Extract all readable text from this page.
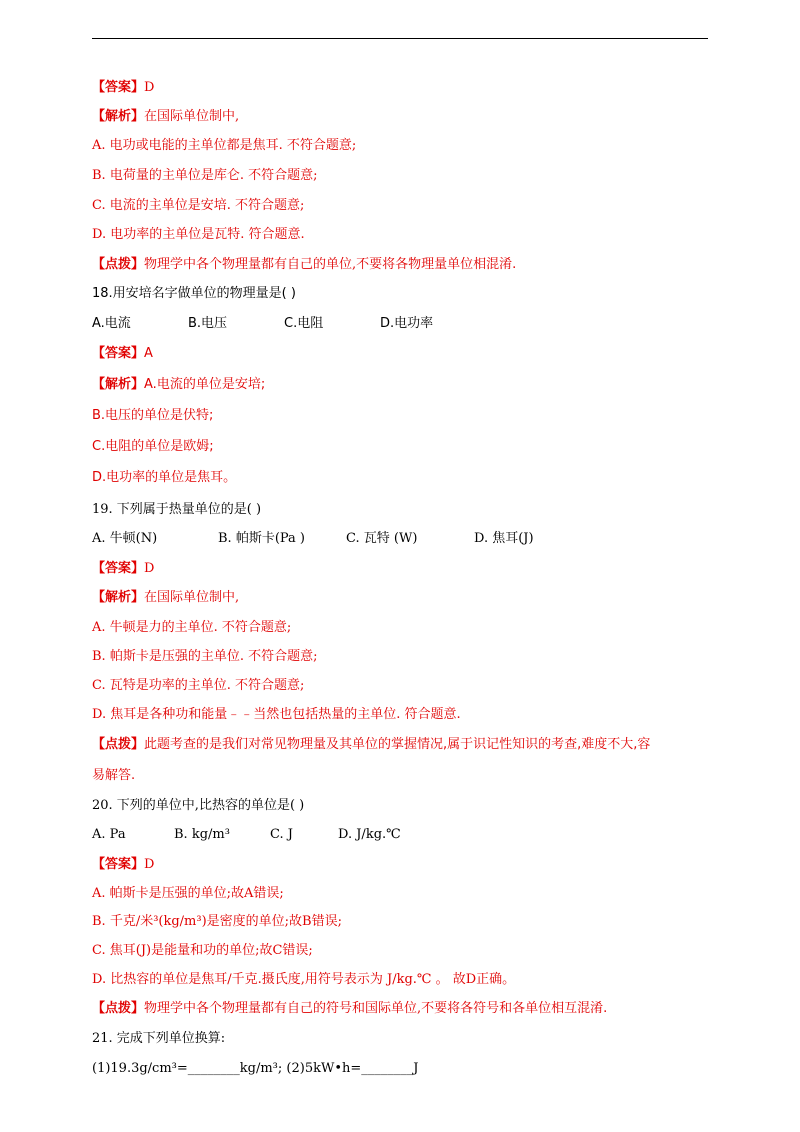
【答案】D
【解析】在国际单位制中,
A. 电功或电能的主单位都是焦耳. 不符合题意;
B. 电荷量的主单位是库仑. 不符合题意;
C. 电流的主单位是安培. 不符合题意;
D. 电功率的主单位是瓦特. 符合题意.
【点拨】物理学中各个物理量都有自己的单位,不要将各物理量单位相混淆.
18.用安培名字做单位的物理量是( )
A.电流	B.电压	C.电阻	D.电功率
【答案】A
【解析】A.电流的单位是安培;
B.电压的单位是伏特;
C.电阻的单位是欧姆;
D.电功率的单位是焦耳。
19. 下列属于热量单位的是( )
A. 牛顿(N)	B. 帕斯卡(Pa )	C. 瓦特 (W)	D. 焦耳(J)
【答案】D
【解析】在国际单位制中,
A. 牛顿是力的主单位. 不符合题意;
B. 帕斯卡是压强的主单位. 不符合题意;
C. 瓦特是功率的主单位. 不符合题意;
D. 焦耳是各种功和能量﹣﹣当然也包括热量的主单位. 符合题意.
【点拨】此题考查的是我们对常见物理量及其单位的掌握情况,属于识记性知识的考查,难度不大,容
易解答.
20. 下列的单位中,比热容的单位是( )
A. Pa	B. kg/m³	C. J	D. J/kg.℃
【答案】D
A. 帕斯卡是压强的单位;故A错误;
B. 千克/米³(kg/m³)是密度的单位;故B错误;
C. 焦耳(J)是能量和功的单位;故C错误;
D. 比热容的单位是焦耳/千克.摄氏度,用符号表示为 J/kg.℃ 。 故D正确。
【点拨】物理学中各个物理量都有自己的符号和国际单位,不要将各符号和各单位相互混淆.
21. 完成下列单位换算:
(1)19.3g/cm³=________kg/m³; (2)5kW•h=________J
